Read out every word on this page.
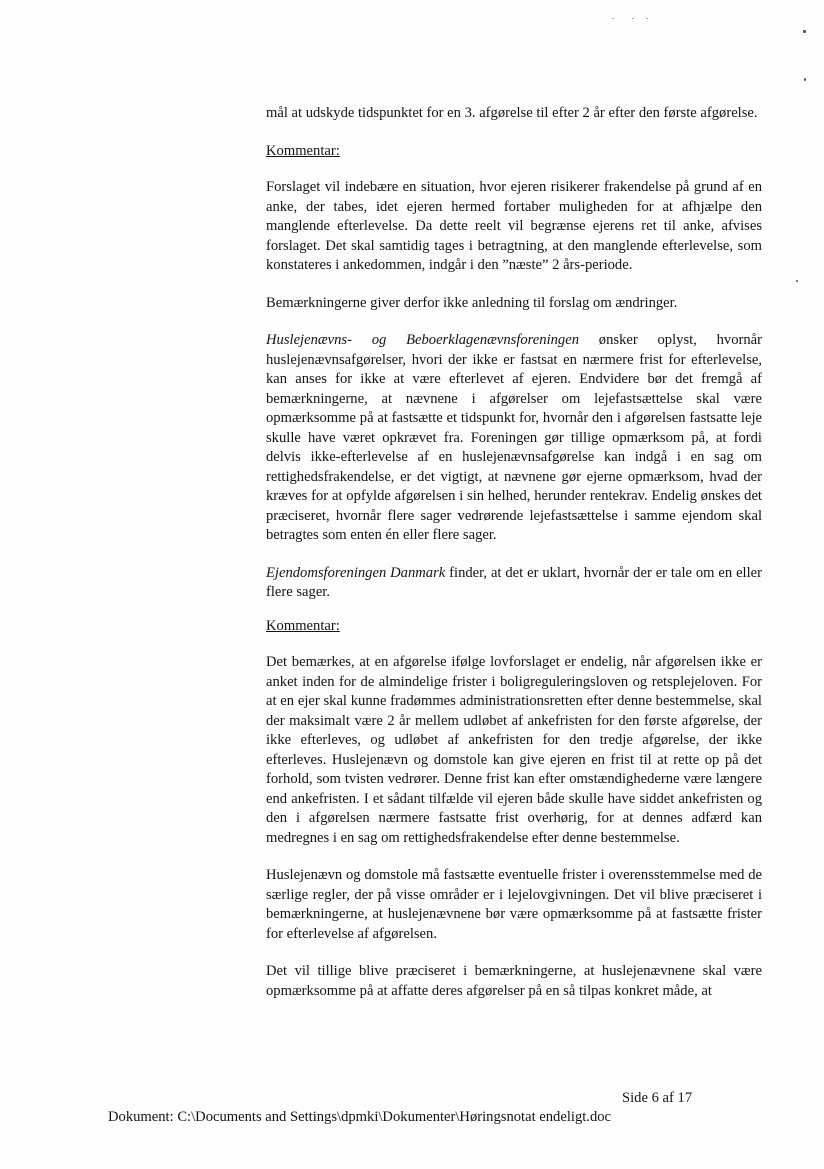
mål at udskyde tidspunktet for en 3. afgørelse til efter 2 år efter den første afgørelse.

Kommentar:

Forslaget vil indebære en situation, hvor ejeren risikerer frakendelse på grund af en anke, der tabes, idet ejeren hermed fortaber muligheden for at afhjælpe den manglende efterlevelse. Da dette reelt vil begrænse ejerens ret til anke, afvises forslaget. Det skal samtidig tages i betragtning, at den manglende efterlevelse, som konstateres i ankedommen, indgår i den ”næste” 2 års-periode.

Bemærkningerne giver derfor ikke anledning til forslag om ændringer.

Huslejenævns- og Beboerklagenævnsforeningen ønsker oplyst, hvornår huslejenævnsafgørelser, hvori der ikke er fastsat en nærmere frist for efterlevelse, kan anses for ikke at være efterlevet af ejeren. Endvidere bør det fremgå af bemærkningerne, at nævnene i afgørelser om lejefastsættelse skal være opmærksomme på at fastsætte et tidspunkt for, hvornår den i afgørelsen fastsatte leje skulle have været opkrævet fra. Foreningen gør tillige opmærksom på, at fordi delvis ikke-efterlevelse af en huslejenævnsafgørelse kan indgå i en sag om rettighedsfrakendelse, er det vigtigt, at nævnene gør ejerne opmærksom, hvad der kræves for at opfylde afgørelsen i sin helhed, herunder rentekrav. Endelig ønskes det præciseret, hvornår flere sager vedrørende lejefastsættelse i samme ejendom skal betragtes som enten én eller flere sager.

Ejendomsforeningen Danmark finder, at det er uklart, hvornår der er tale om en eller flere sager.

Kommentar:

Det bemærkes, at en afgørelse ifølge lovforslaget er endelig, når afgørelsen ikke er anket inden for de almindelige frister i boligreguleringsloven og retsplejeloven. For at en ejer skal kunne fradømmes administrationsretten efter denne bestemmelse, skal der maksimalt være 2 år mellem udløbet af ankefristen for den første afgørelse, der ikke efterleves, og udløbet af ankefristen for den tredje afgørelse, der ikke efterleves. Huslejenævn og domstole kan give ejeren en frist til at rette op på det forhold, som tvisten vedrører. Denne frist kan efter omstændighederne være længere end ankefristen. I et sådant tilfælde vil ejeren både skulle have siddet ankefristen og den i afgørelsen nærmere fastsatte frist overhørig, for at dennes adfærd kan medregnes i en sag om rettighedsfrakendelse efter denne bestemmelse.

Huslejenævn og domstole må fastsætte eventuelle frister i overensstemmelse med de særlige regler, der på visse områder er i lejelovgivningen. Det vil blive præciseret i bemærkningerne, at huslejenævnene bør være opmærksomme på at fastsætte frister for efterlevelse af afgørelsen.

Det vil tillige blive præciseret i bemærkningerne, at huslejenævnene skal være opmærksomme på at affatte deres afgørelser på en så tilpas konkret måde, at

Side 6 af 17
Dokument: C:\Documents and Settings\dpmki\Dokumenter\Høringsnotat endeligt.doc
